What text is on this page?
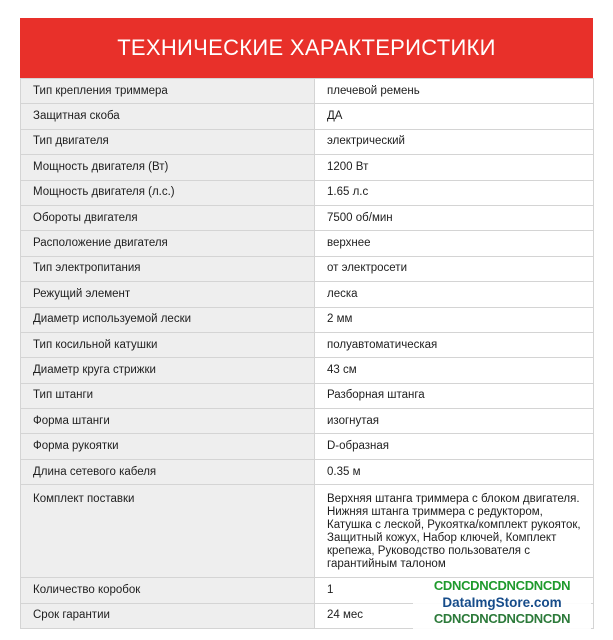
ТЕХНИЧЕСКИЕ ХАРАКТЕРИСТИКИ
Тип крепления триммера	плечевой ремень
Защитная скоба	ДА
Тип двигателя	электрический
Мощность двигателя (Вт)	1200 Вт
Мощность двигателя (л.с.)	1.65 л.с
Обороты двигателя	7500 об/мин
Расположение двигателя	верхнее
Тип электропитания	от электросети
Режущий элемент	леска
Диаметр используемой лески	2 мм
Тип косильной катушки	полуавтоматическая
Диаметр круга стрижки	43 см
Тип штанги	Разборная штанга
Форма штанги	изогнутая
Форма рукоятки	D-образная
Длина сетевого кабеля	0.35 м
Комплект поставки	Верхняя штанга триммера с блоком двигателя. Нижняя штанга триммера с редуктором, Катушка с леской, Рукоятка/комплект рукояток, Защитный кожух, Набор ключей, Комплект крепежа, Руководство пользователя с гарантийным талоном
Количество коробок	1
Срок гарантии	24 мес
CDNCDNCDNCDNCDN
DataImgStore.com
CDNCDNCDNCDNCDN
